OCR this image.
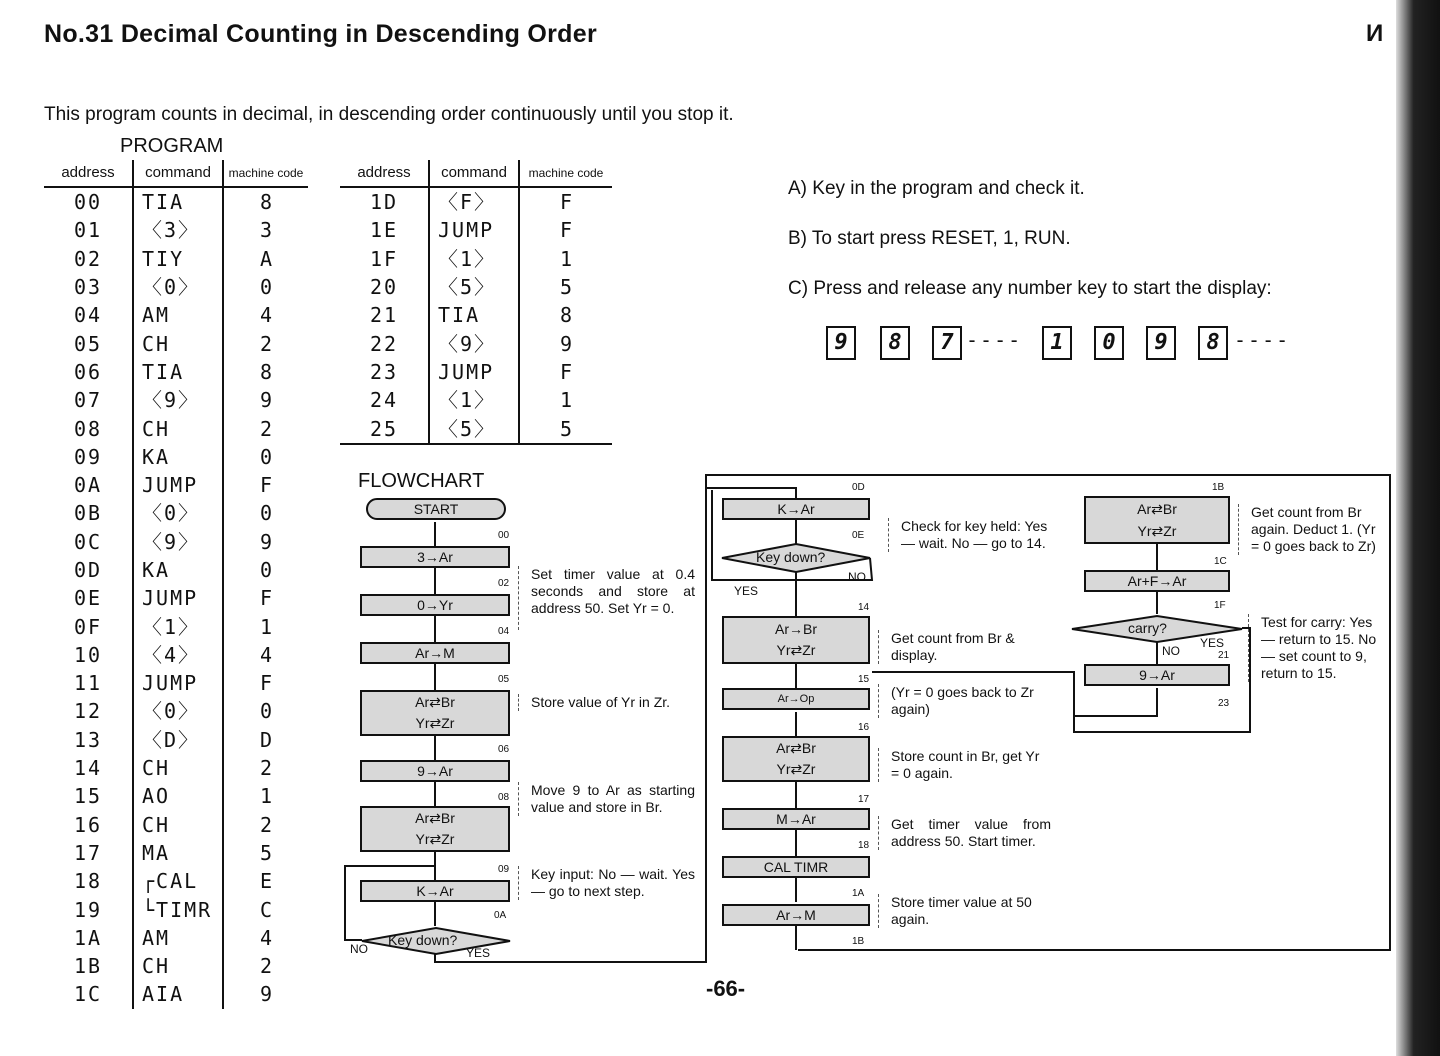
No.31 Decimal Counting in Descending Order	И
This program counts in decimal, in descending order continuously until you stop it.
PROGRAM
address	command	machine code
00	TIA	8
01	〈3〉	3
02	TIY	A
03	〈0〉	0
04	AM	4
05	CH	2
06	TIA	8
07	〈9〉	9
08	CH	2
09	KA	0
0A	JUMP	F
0B	〈0〉	0
0C	〈9〉	9
0D	KA	0
0E	JUMP	F
0F	〈1〉	1
10	〈4〉	4
11	JUMP	F
12	〈0〉	0
13	〈D〉	D
14	CH	2
15	AO	1
16	CH	2
17	MA	5
18	┌CAL	E
19	└TIMR	C
1A	AM	4
1B	CH	2
1C	AIA	9
address	command	machine code
1D	〈F〉	F
1E	JUMP	F
1F	〈1〉	1
20	〈5〉	5
21	TIA	8
22	〈9〉	9
23	JUMP	F
24	〈1〉	1
25	〈5〉	5
A) Key in the program and check it.
B) To start press RESET, 1, RUN.
C) Press and release any number key to start the display:
9	8	7 ----	1	0	9	8 ----
FLOWCHART
START
3→Ar
0→Yr
Ar→M
Ar⇄Br
Yr⇄Zr
9→Ar
Ar⇄Br
Yr⇄Zr
K→Ar
Key down?
NO	YES
00
02
04
05
06
08
09
0A
Set timer value at 0.4 seconds and store at address 50. Set Yr = 0.
Store value of Yr in Zr.
Move 9 to Ar as starting value and store in Br.
Key input: No — wait. Yes — go to next step.
K→Ar
Key down?
NO
YES
Ar→Br
Yr⇄Zr
Ar→Op
Ar⇄Br
Yr⇄Zr
M→Ar
CAL TIMR
Ar→M
0D
0E
14
15
16
17
18
1A
1B
Check for key held: Yes — wait. No — go to 14.
Get count from Br & display.
(Yr = 0 goes back to Zr again)
Store count in Br, get Yr = 0 again.
Get timer value from address 50. Start timer.
Store timer value at 50 again.
Ar⇄Br
Yr⇄Zr
Ar+F→Ar
carry?
NO
YES
9→Ar
1B
1C
1F
21
23
Get count from Br again. Deduct 1. (Yr = 0 goes back to Zr)
Test for carry: Yes — return to 15. No — set count to 9, return to 15.
-66-
